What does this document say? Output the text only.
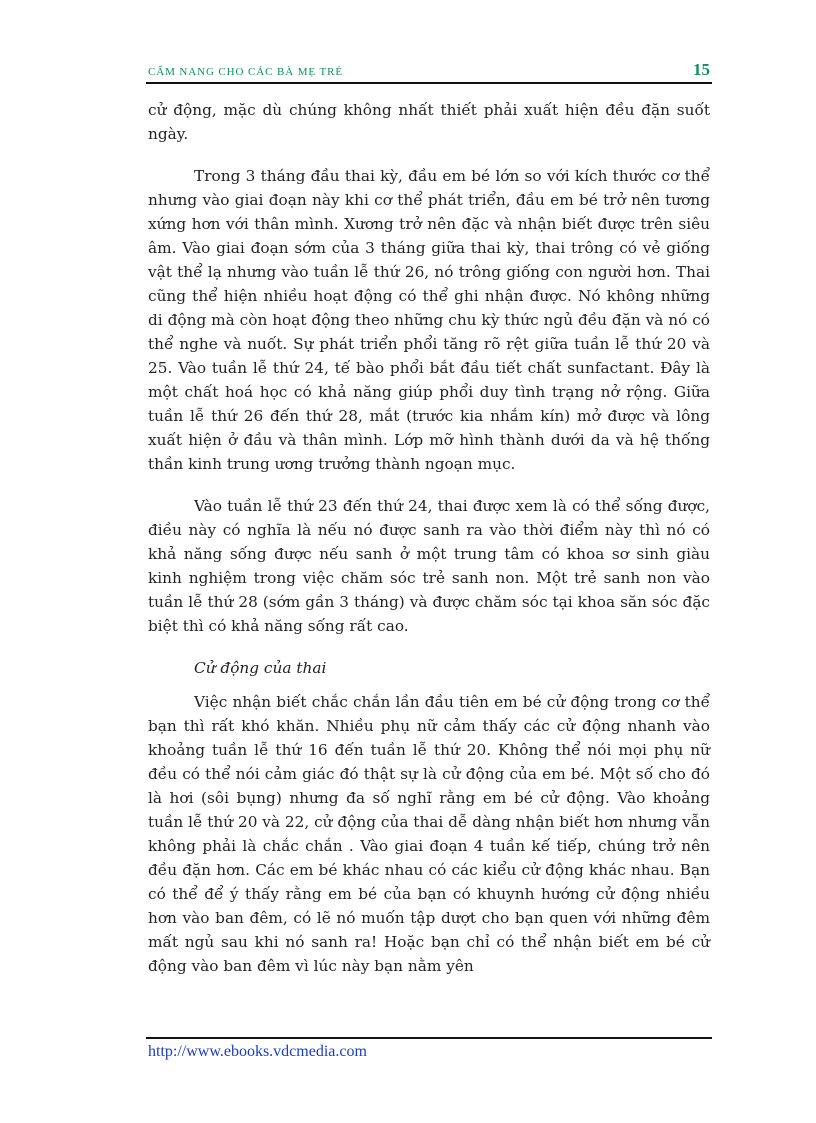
CẨM NANG CHO CÁC BÀ MẸ TRẺ	15

cử động, mặc dù chúng không nhất thiết phải xuất hiện đều đặn suốt ngày.

Trong 3 tháng đầu thai kỳ, đầu em bé lớn so với kích thước cơ thể nhưng vào giai đoạn này khi cơ thể phát triển, đầu em bé trở nên tương xứng hơn với thân mình. Xương trở nên đặc và nhận biết được trên siêu âm. Vào giai đoạn sớm của 3 tháng giữa thai kỳ, thai trông có vẻ giống vật thể lạ nhưng vào tuần lễ thứ 26, nó trông giống con người hơn. Thai cũng thể hiện nhiều hoạt động có thể ghi nhận được. Nó không những di động mà còn hoạt động theo những chu kỳ thức ngủ đều đặn và nó có thể nghe và nuốt. Sự phát triển phổi tăng rõ rệt giữa tuần lễ thứ 20 và 25. Vào tuần lễ thứ 24, tế bào phổi bắt đầu tiết chất sunfactant. Đây là một chất hoá học có khả năng giúp phổi duy tình trạng nở rộng. Giữa tuần lễ thứ 26 đến thứ 28, mắt (trước kia nhắm kín) mở được và lông xuất hiện ở đầu và thân mình. Lớp mỡ hình thành dưới da và hệ thống thần kinh trung ương trưởng thành ngoạn mục.

Vào tuần lễ thứ 23 đến thứ 24, thai được xem là có thể sống được, điều này có nghĩa là nếu nó được sanh ra vào thời điểm này thì nó có khả năng sống được nếu sanh ở một trung tâm có khoa sơ sinh giàu kinh nghiệm trong việc chăm sóc trẻ sanh non. Một trẻ sanh non vào tuần lễ thứ 28 (sớm gần 3 tháng) và được chăm sóc tại khoa săn sóc đặc biệt thì có khả năng sống rất cao.

Cử động của thai

Việc nhận biết chắc chắn lần đầu tiên em bé cử động trong cơ thể bạn thì rất khó khăn. Nhiều phụ nữ cảm thấy các cử động nhanh vào khoảng tuần lễ thứ 16 đến tuần lễ thứ 20. Không thể nói mọi phụ nữ đều có thể nói cảm giác đó thật sự là cử động của em bé. Một số cho đó là hơi (sôi bụng) nhưng đa số nghĩ rằng em bé cử động. Vào khoảng tuần lễ thứ 20 và 22, cử động của thai dễ dàng nhận biết hơn nhưng vẫn không phải là chắc chắn . Vào giai đoạn 4 tuần kế tiếp, chúng trở nên đều đặn hơn. Các em bé khác nhau có các kiểu cử động khác nhau. Bạn có thể để ý thấy rằng em bé của bạn có khuynh hướng cử động nhiều hơn vào ban đêm, có lẽ nó muốn tập dượt cho bạn quen với những đêm mất ngủ sau khi nó sanh ra! Hoặc bạn chỉ có thể nhận biết em bé cử động vào ban đêm vì lúc này bạn nằm yên

http://www.ebooks.vdcmedia.com
